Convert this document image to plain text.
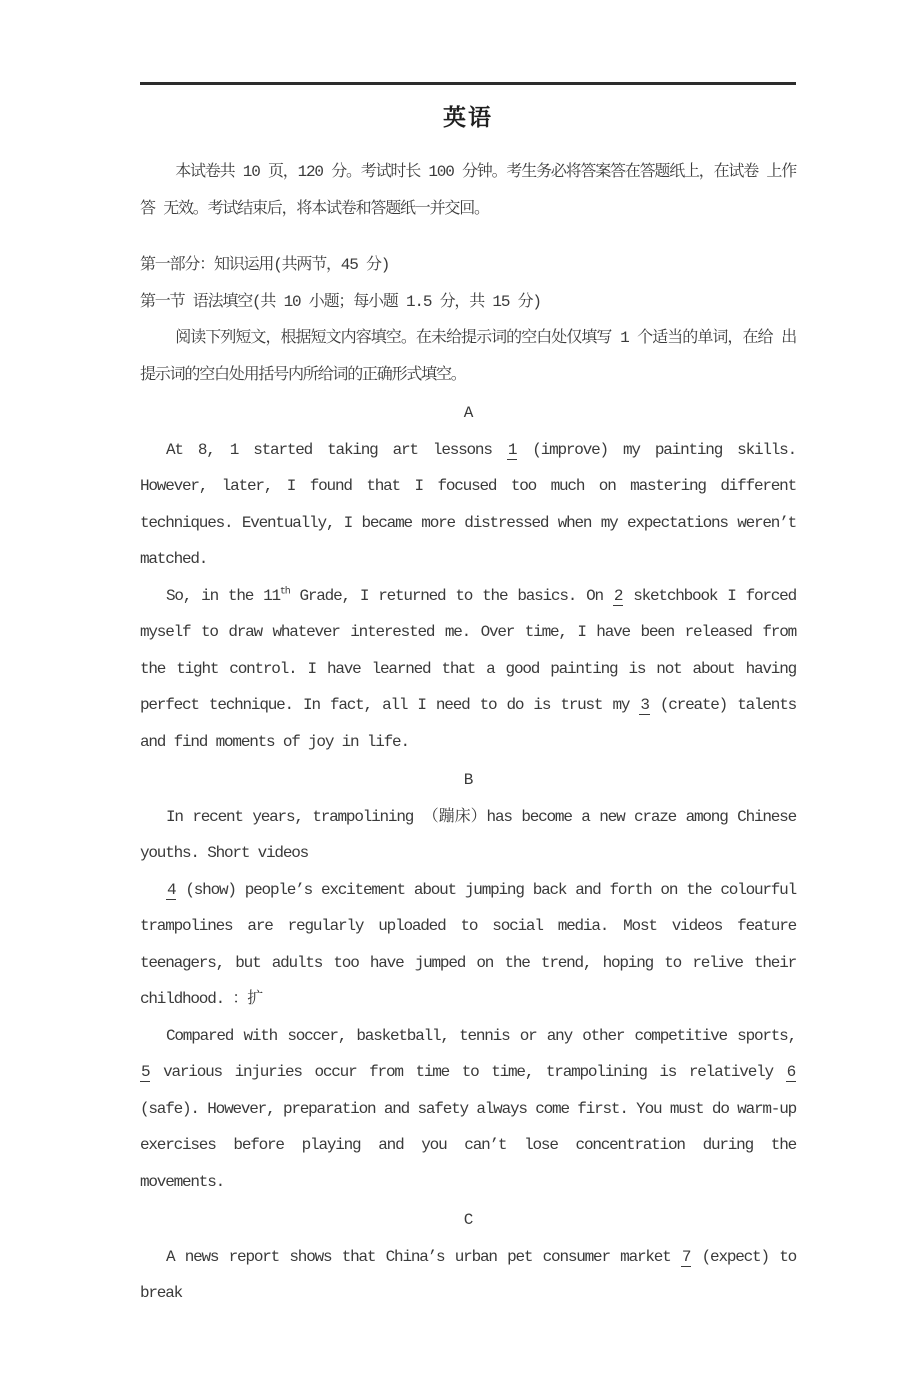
英语

本试卷共 10 页，120 分。考试时长 100 分钟。考生务必将答案答在答题纸上，在试卷 上作答 无效。考试结束后，将本试卷和答题纸一并交回。

第一部分：知识运用(共两节，45 分)

第一节 语法填空(共 10 小题；每小题 1.5 分，共 15 分)

阅读下列短文，根据短文内容填空。在未给提示词的空白处仅填写 1 个适当的单词，在给 出提示词的空白处用括号内所给词的正确形式填空。

A

At 8, 1 started taking art lessons 1 (improve) my painting skills. However, later, I found that I focused too much on mastering different techniques. Eventually, I became more distressed when my expectations weren’t matched.

So, in the 11th Grade, I returned to the basics. On 2 sketchbook I forced myself to draw whatever interested me. Over time, I have been released from the tight control. I have learned that a good painting is not about having perfect technique. In fact, all I need to do is trust my 3 (create) talents and find moments of joy in life.

B

In recent years, trampolining （蹦床）has become a new craze among Chinese youths. Short videos

4 (show) people’s excitement about jumping back and forth on the colourful trampolines are regularly uploaded to social media. Most videos feature teenagers, but adults too have jumped on the trend, hoping to relive their childhood. ：扩

Compared with soccer, basketball, tennis or any other competitive sports, 5 various injuries occur from time to time, trampolining is relatively 6 (safe). However, preparation and safety always come first. You must do warm-up exercises before playing and you can’t lose concentration during the movements.

C

A news report shows that China’s urban pet consumer market 7 (expect) to break
